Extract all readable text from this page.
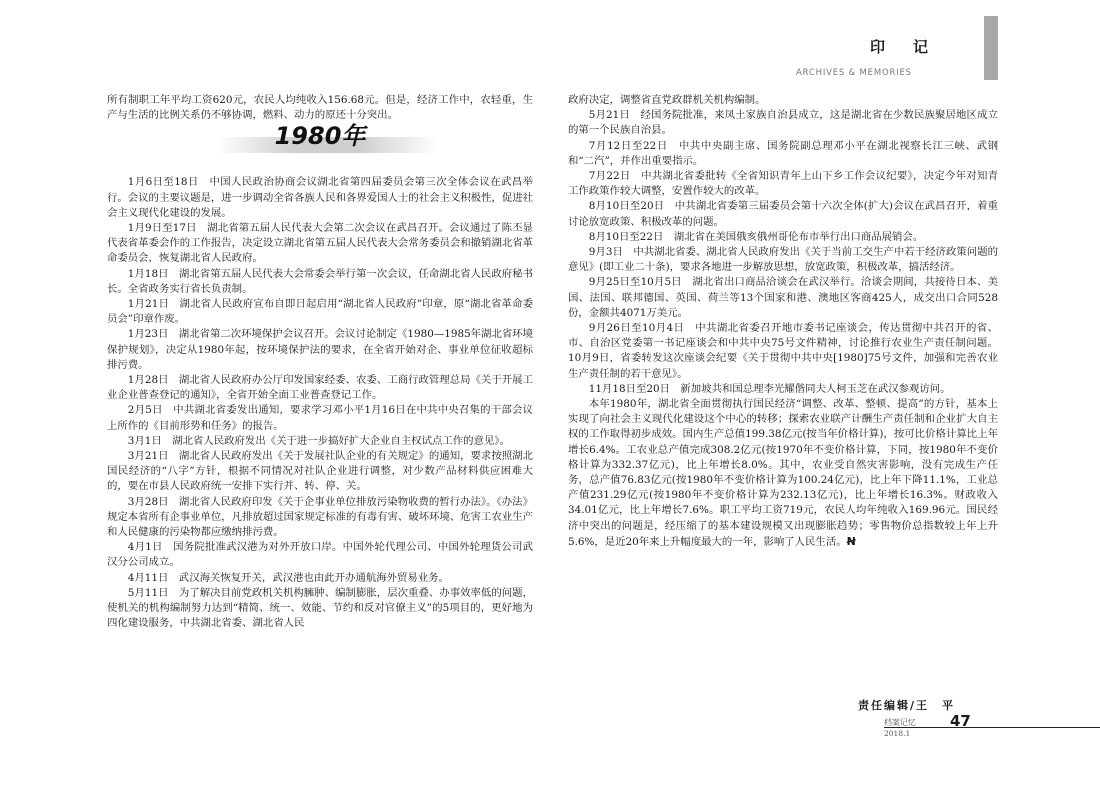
印记
ARCHIVES & MEMORIES

所有制职工年平均工资620元，农民人均纯收入156.68元。但是，经济工作中，农轻重，生产与生活的比例关系仍不够协调，燃料、动力的原还十分突出。

1980年

1月6日至18日　中国人民政治协商会议湖北省第四届委员会第三次全体会议在武昌举行。会议的主要议题是，进一步调动全省各族人民和各界爱国人士的社会主义积极性，促进社会主义现代化建设的发展。

1月9日至17日　湖北省第五届人民代表大会第二次会议在武昌召开。会议通过了陈丕显代表省革委会作的工作报告，决定设立湖北省第五届人民代表大会常务委员会和撤销湖北省革命委员会，恢复湖北省人民政府。

1月18日　湖北省第五届人民代表大会常委会举行第一次会议，任命湖北省人民政府秘书长。全省政务实行省长负责制。

1月21日　湖北省人民政府宣布自即日起启用“湖北省人民政府”印章，原“湖北省革命委员会”印章作废。

1月23日　湖北省第二次环境保护会议召开。会议讨论制定《1980—1985年湖北省环境保护规划》，决定从1980年起，按环境保护法的要求，在全省开始对企、事业单位征收超标排污费。

1月28日　湖北省人民政府办公厅印发国家经委、农委、工商行政管理总局《关于开展工业企业普查登记的通知》，全省开始全面工业普查登记工作。

2月5日　中共湖北省委发出通知，要求学习邓小平1月16日在中共中央召集的干部会议上所作的《目前形势和任务》的报告。

3月1日　湖北省人民政府发出《关于进一步搞好扩大企业自主权试点工作的意见》。

3月21日　湖北省人民政府发出《关于发展社队企业的有关规定》的通知，要求按照湖北国民经济的“八字”方针，根据不同情况对社队企业进行调整，对少数产品材料供应困难大的，要在市县人民政府统一安排下实行并、转、停、关。

3月28日　湖北省人民政府印发《关于企事业单位排放污染物收费的暂行办法》。《办法》规定本省所有企事业单位，凡排放超过国家规定标准的有毒有害、破坏环境、危害工农业生产和人民健康的污染物都应缴纳排污费。

4月1日　国务院批准武汉港为对外开放口岸。中国外轮代理公司、中国外轮理货公司武汉分公司成立。

4月11日　武汉海关恢复开关，武汉港也由此开办通航海外贸易业务。

5月11日　为了解决目前党政机关机构臃肿、编制膨胀，层次重叠、办事效率低的问题，使机关的机构编制努力达到“精简、统一、效能、节约和反对官僚主义”的5项目的，更好地为四化建设服务，中共湖北省委、湖北省人民

政府决定，调整省直党政群机关机构编制。

5月21日　经国务院批准，来凤土家族自治县成立，这是湖北省在少数民族聚居地区成立的第一个民族自治县。

7月12日至22日　中共中央副主席、国务院副总理邓小平在湖北视察长江三峡、武钢和“二汽”，并作出重要指示。

7月22日　中共湖北省委批转《全省知识青年上山下乡工作会议纪要》，决定今年对知青工作政策作较大调整，安置作较大的改革。

8月10日至20日　中共湖北省委第三届委员会第十六次全体(扩大)会议在武昌召开，着重讨论放宽政策、积极改革的问题。

8月10日至22日　湖北省在美国俄亥俄州哥伦布市举行出口商品展销会。

9月3日　中共湖北省委、湖北省人民政府发出《关于当前工交生产中若干经济政策问题的意见》(即工业二十条)，要求各地进一步解放思想，放宽政策，积极改革，搞活经济。

9月25日至10月5日　湖北省出口商品洽谈会在武汉举行。洽谈会期间，共接待日本、美国、法国、联邦德国、英国、荷兰等13个国家和港、澳地区客商425人，成交出口合同528份，金额共4071万美元。

9月26日至10月4日　中共湖北省委召开地市委书记座谈会，传达贯彻中共召开的省、市、自治区党委第一书记座谈会和中共中央75号文件精神，讨论推行农业生产责任制问题。10月9日，省委转发这次座谈会纪要《关于贯彻中共中央[1980]75号文件，加强和完善农业生产责任制的若干意见》。

11月18日至20日　新加坡共和国总理李光耀偕同夫人柯玉芝在武汉参观访问。

本年1980年，湖北省全面贯彻执行国民经济“调整、改革、整顿、提高”的方针，基本上实现了向社会主义现代化建设这个中心的转移；探索农业联产计酬生产责任制和企业扩大自主权的工作取得初步成效。国内生产总值199.38亿元(按当年价格计算)，按可比价格计算比上年增长6.4%。工农业总产值完成308.2亿元(按1970年不变价格计算，下同，按1980年不变价格计算为332.37亿元)，比上年增长8.0%。其中，农业受自然灾害影响，没有完成生产任务，总产值76.83亿元(按1980年不变价格计算为100.24亿元)，比上年下降11.1%，工业总产值231.29亿元(按1980年不变价格计算为232.13亿元)，比上年增长16.3%。财政收入34.01亿元，比上年增长7.6%。职工平均工资719元，农民人均年纯收入169.96元。国民经济中突出的问题是，经压缩了的基本建设规模又出现膨胀趋势；零售物价总指数较上年上升5.6%，是近20年来上升幅度最大的一年，影响了人民生活。Ꞥ

责任编辑/王　平
档案记忆 47
2018.1
